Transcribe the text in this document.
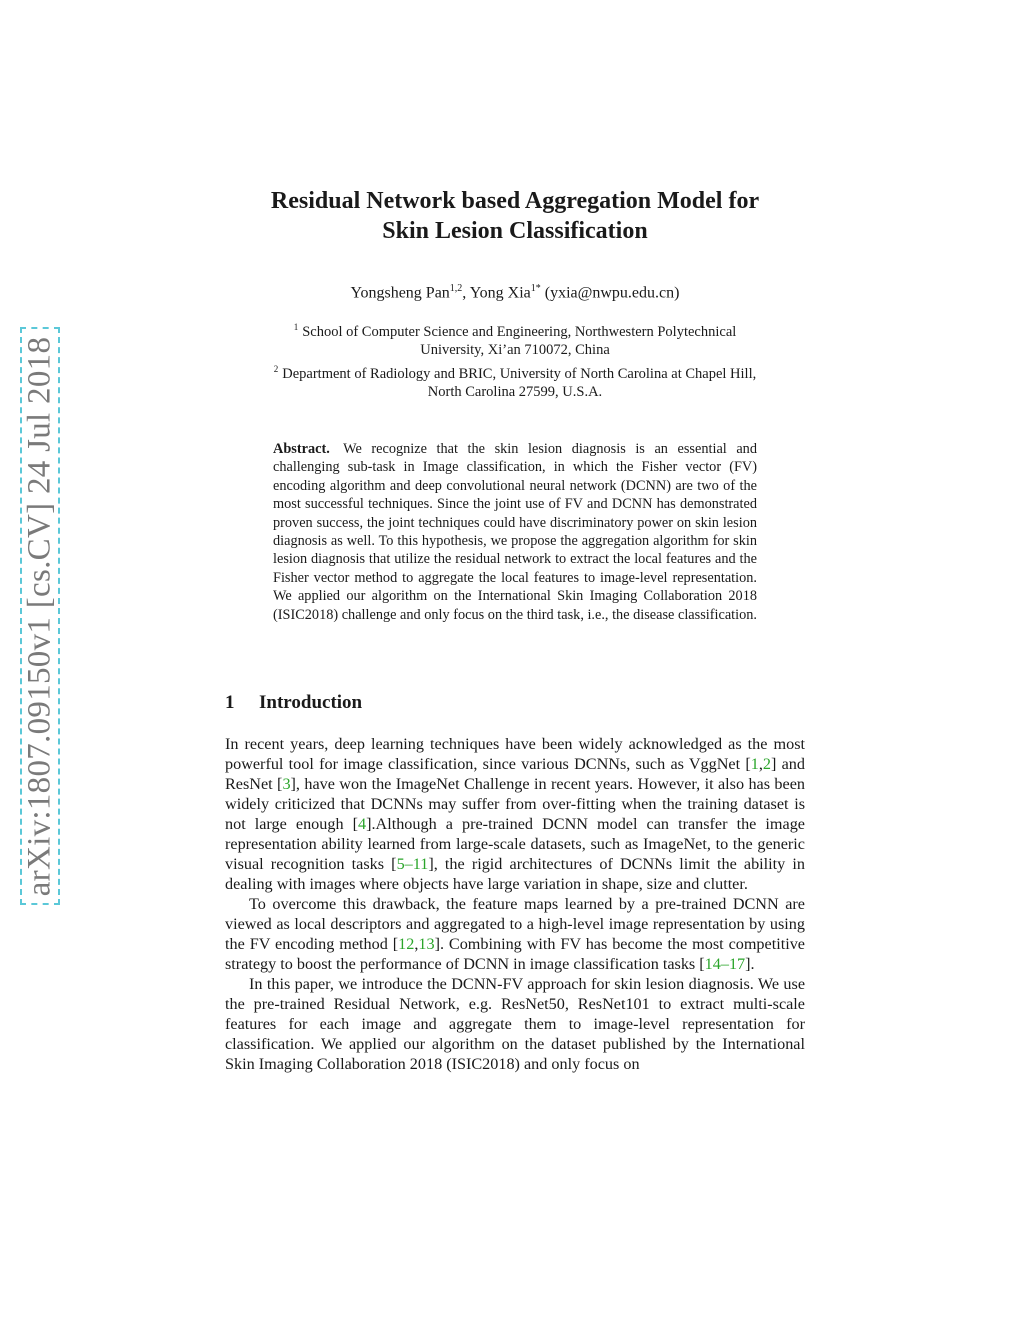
arXiv:1807.09150v1 [cs.CV] 24 Jul 2018
Residual Network based Aggregation Model for
Skin Lesion Classification
Yongsheng Pan$^{1,2}$, Yong Xia$^{1*}$ (yxia@nwpu.edu.cn)
$^1$ School of Computer Science and Engineering, Northwestern Polytechnical
University, Xi’an 710072, China
$^2$ Department of Radiology and BRIC, University of North Carolina at Chapel Hill,
North Carolina 27599, U.S.A.
Abstract. We recognize that the skin lesion diagnosis is an essential and challenging sub-task in Image classification, in which the Fisher vector (FV) encoding algorithm and deep convolutional neural network (DCNN) are two of the most successful techniques. Since the joint use of FV and DCNN has demonstrated proven success, the joint techniques could have discriminatory power on skin lesion diagnosis as well. To this hypothesis, we propose the aggregation algorithm for skin lesion diagnosis that utilize the residual network to extract the local features and the Fisher vector method to aggregate the local features to image-level representation. We applied our algorithm on the International Skin Imaging Collaboration 2018 (ISIC2018) challenge and only focus on the third task, i.e., the disease classification.
1 Introduction

In recent years, deep learning techniques have been widely acknowledged as the most powerful tool for image classification, since various DCNNs, such as VggNet [1,2] and ResNet [3], have won the ImageNet Challenge in recent years. However, it also has been widely criticized that DCNNs may suffer from over-fitting when the training dataset is not large enough [4].Although a pre-trained DCNN model can transfer the image representation ability learned from large-scale datasets, such as ImageNet, to the generic visual recognition tasks [5–11], the rigid architectures of DCNNs limit the ability in dealing with images where objects have large variation in shape, size and clutter.

To overcome this drawback, the feature maps learned by a pre-trained DCNN are viewed as local descriptors and aggregated to a high-level image representation by using the FV encoding method [12,13]. Combining with FV has become the most competitive strategy to boost the performance of DCNN in image classification tasks [14–17].

In this paper, we introduce the DCNN-FV approach for skin lesion diagnosis. We use the pre-trained Residual Network, e.g. ResNet50, ResNet101 to extract multi-scale features for each image and aggregate them to image-level representation for classification. We applied our algorithm on the dataset published by the International Skin Imaging Collaboration 2018 (ISIC2018) and only focus on
